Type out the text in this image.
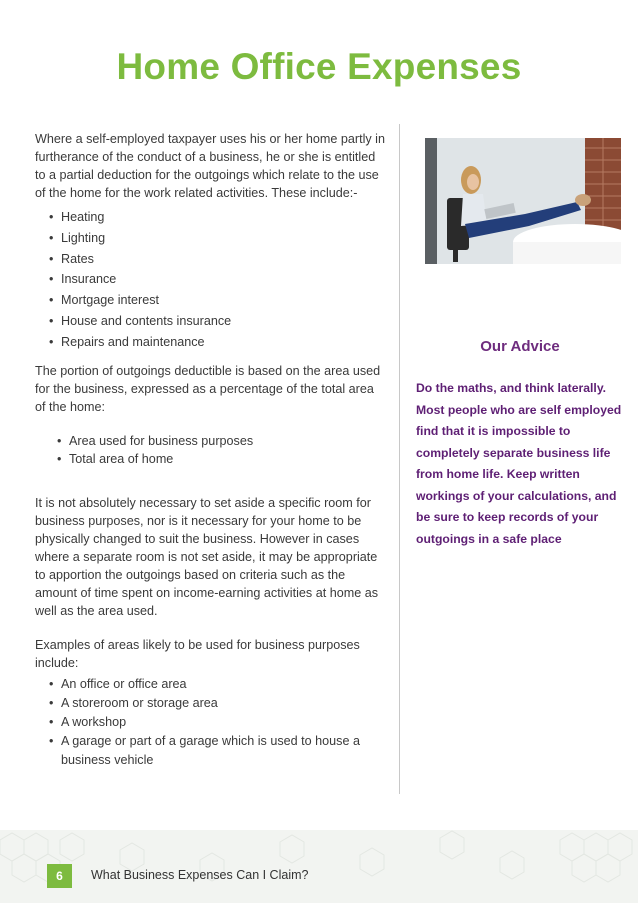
Home Office Expenses

Where a self-employed taxpayer uses his or her home partly in furtherance of the conduct of a business, he or she is entitled to a partial deduction for the outgoings which relate to the use of the home for the work related activities. These include:-

• Heating
• Lighting
• Rates
• Insurance
• Mortgage interest
• House and contents insurance
• Repairs and maintenance

The portion of outgoings deductible is based on the area used for the business, expressed as a percentage of the total area of the home:

• Area used for business purposes
• Total area of home

It is not absolutely necessary to set aside a specific room for business purposes, nor is it necessary for your home to be physically changed to suit the business. However in cases where a separate room is not set aside, it may be appropriate to apportion the outgoings based on criteria such as the amount of time spent on income-earning activities at home as well as the area used.

Examples of areas likely to be used for business purposes include:

• An office or office area
• A storeroom or storage area
• A workshop
• A garage or part of a garage which is used to house a business vehicle
Our Advice

Do the maths, and think laterally. Most people who are self employed find that it is impossible to completely separate business life from home life. Keep written workings of your calculations, and be sure to keep records of your outgoings in a safe place

6	What Business Expenses Can I Claim?
